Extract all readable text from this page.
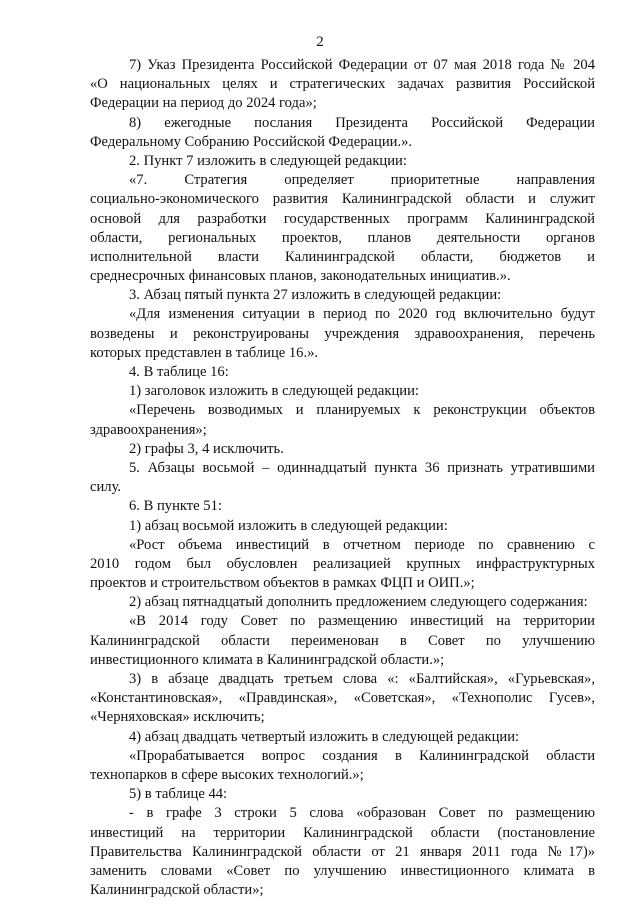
2
7) Указ Президента Российской Федерации от 07 мая 2018 года № 204
«О национальных целях и стратегических задачах развития Российской
Федерации на период до 2024 года»;
8) ежегодные послания Президента Российской Федерации
Федеральному Собранию Российской Федерации.».
2. Пункт 7 изложить в следующей редакции:
«7. Стратегия определяет приоритетные направления
социально-экономического развития Калининградской области и служит
основой для разработки государственных программ Калининградской
области, региональных проектов, планов деятельности органов
исполнительной власти Калининградской области, бюджетов и
среднесрочных финансовых планов, законодательных инициатив.».
3. Абзац пятый пункта 27 изложить в следующей редакции:
«Для изменения ситуации в период по 2020 год включительно будут
возведены и реконструированы учреждения здравоохранения, перечень
которых представлен в таблице 16.».
4. В таблице 16:
1) заголовок изложить в следующей редакции:
«Перечень возводимых и планируемых к реконструкции объектов
здравоохранения»;
2) графы 3, 4 исключить.
5. Абзацы восьмой – одиннадцатый пункта 36 признать утратившими
силу.
6. В пункте 51:
1) абзац восьмой изложить в следующей редакции:
«Рост объема инвестиций в отчетном периоде по сравнению с
2010 годом был обусловлен реализацией крупных инфраструктурных
проектов и строительством объектов в рамках ФЦП и ОИП.»;
2) абзац пятнадцатый дополнить предложением следующего содержания:
«В 2014 году Совет по размещению инвестиций на территории
Калининградской области переименован в Совет по улучшению
инвестиционного климата в Калининградской области.»;
3) в абзаце двадцать третьем слова «: «Балтийская», «Гурьевская»,
«Константиновская», «Правдинская», «Советская», «Технополис Гусев»,
«Черняховская» исключить;
4) абзац двадцать четвертый изложить в следующей редакции:
«Прорабатывается вопрос создания в Калининградской области
технопарков в сфере высоких технологий.»;
5) в таблице 44:
- в графе 3 строки 5 слова «образован Совет по размещению
инвестиций на территории Калининградской области (постановление
Правительства Калининградской области от 21 января 2011 года №17)»
заменить словами «Совет по улучшению инвестиционного климата в
Калининградской области»;
